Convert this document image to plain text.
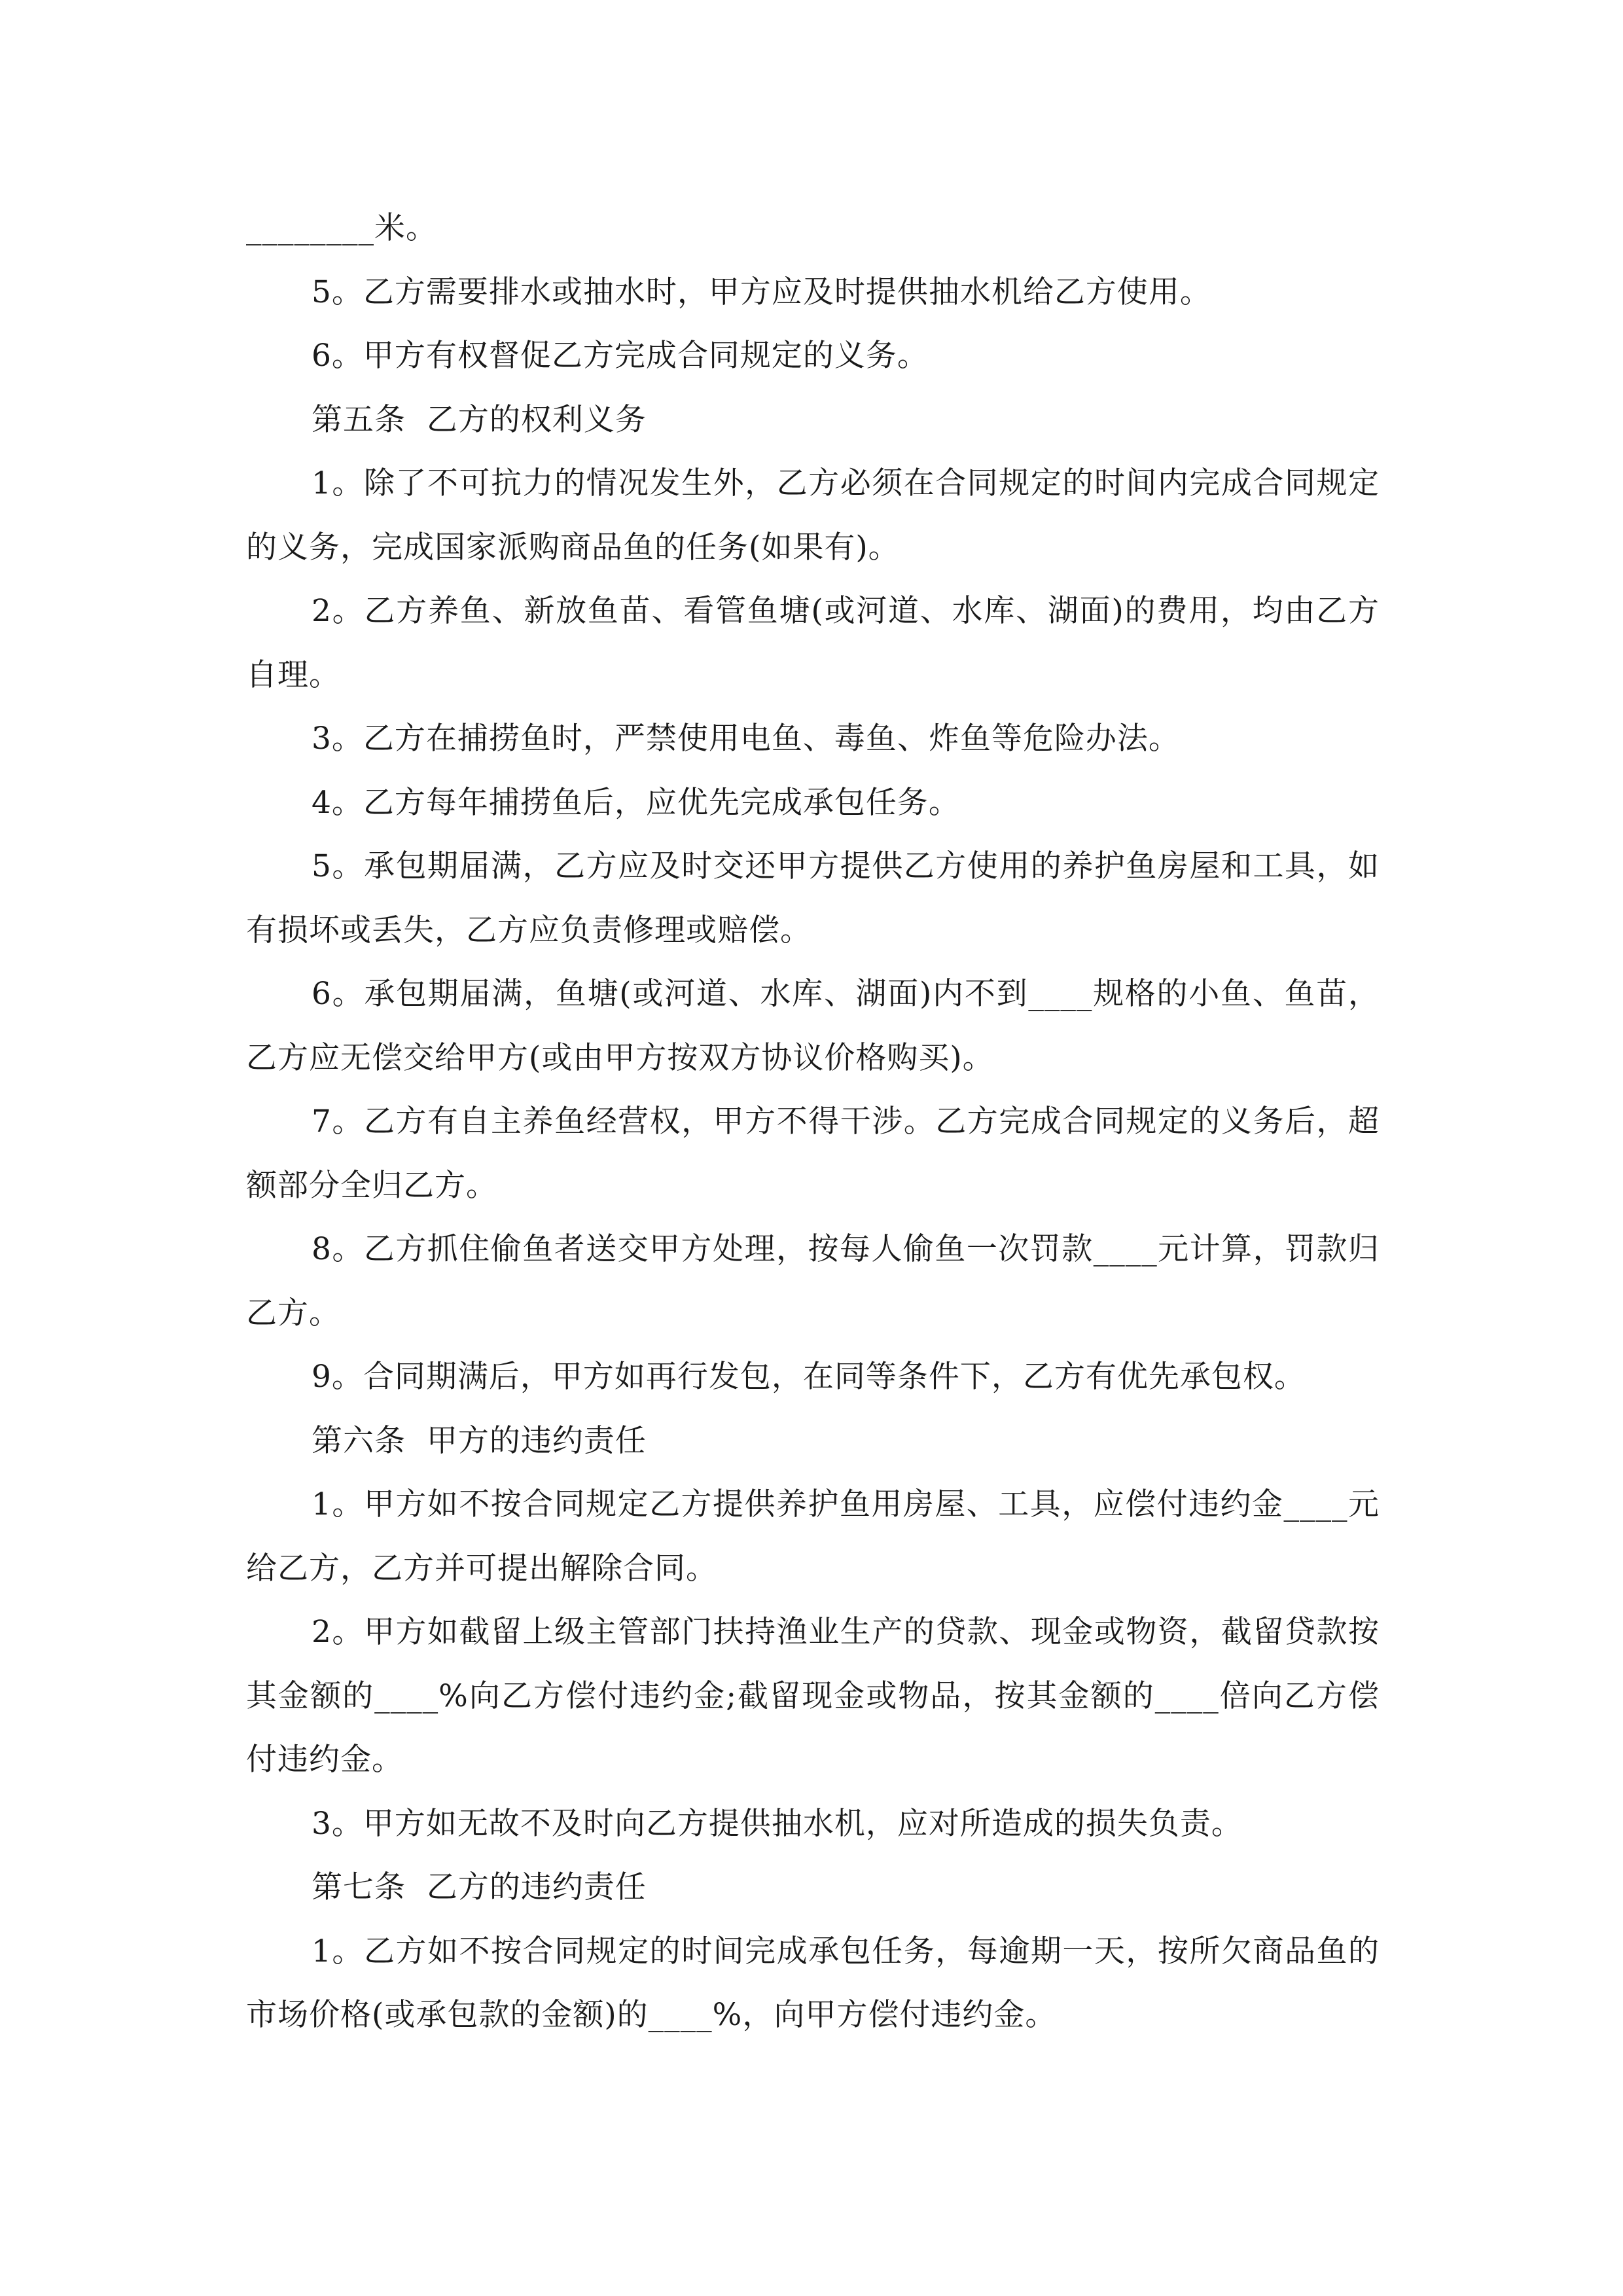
________米。

5。乙方需要排水或抽水时，甲方应及时提供抽水机给乙方使用。

6。甲方有权督促乙方完成合同规定的义务。

第五条  乙方的权利义务

1。除了不可抗力的情况发生外，乙方必须在合同规定的时间内完成合同规定的义务，完成国家派购商品鱼的任务(如果有)。

2。乙方养鱼、新放鱼苗、看管鱼塘(或河道、水库、湖面)的费用，均由乙方自理。

3。乙方在捕捞鱼时，严禁使用电鱼、毒鱼、炸鱼等危险办法。

4。乙方每年捕捞鱼后，应优先完成承包任务。

5。承包期届满，乙方应及时交还甲方提供乙方使用的养护鱼房屋和工具，如有损坏或丢失，乙方应负责修理或赔偿。

6。承包期届满，鱼塘(或河道、水库、湖面)内不到____规格的小鱼、鱼苗，乙方应无偿交给甲方(或由甲方按双方协议价格购买)。

7。乙方有自主养鱼经营权，甲方不得干涉。乙方完成合同规定的义务后，超额部分全归乙方。

8。乙方抓住偷鱼者送交甲方处理，按每人偷鱼一次罚款____元计算，罚款归乙方。

9。合同期满后，甲方如再行发包，在同等条件下，乙方有优先承包权。

第六条  甲方的违约责任

1。甲方如不按合同规定乙方提供养护鱼用房屋、工具，应偿付违约金____元给乙方，乙方并可提出解除合同。

2。甲方如截留上级主管部门扶持渔业生产的贷款、现金或物资，截留贷款按其金额的____%向乙方偿付违约金;截留现金或物品，按其金额的____倍向乙方偿付违约金。

3。甲方如无故不及时向乙方提供抽水机，应对所造成的损失负责。

第七条  乙方的违约责任

1。乙方如不按合同规定的时间完成承包任务，每逾期一天，按所欠商品鱼的市场价格(或承包款的金额)的____%，向甲方偿付违约金。
